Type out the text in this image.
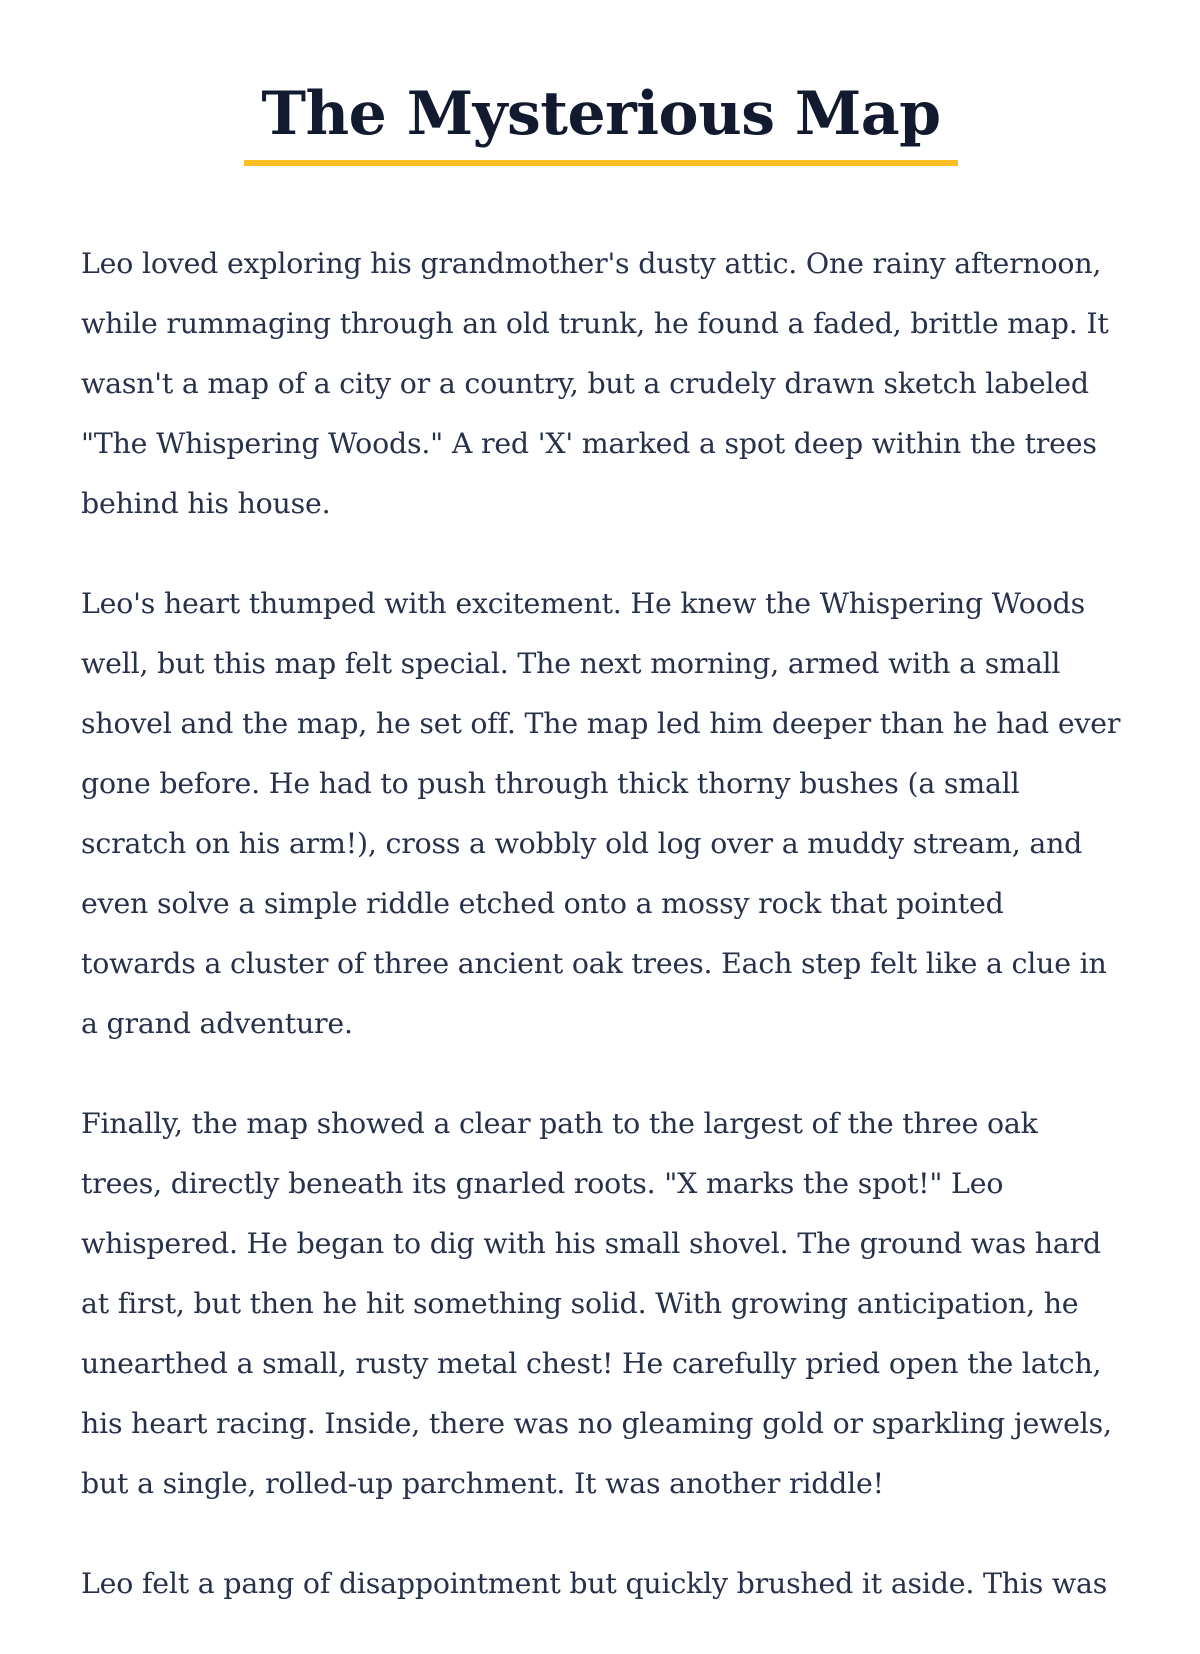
The Mysterious Map

Leo loved exploring his grandmother's dusty attic. One rainy afternoon, while rummaging through an old trunk, he found a faded, brittle map. It wasn't a map of a city or a country, but a crudely drawn sketch labeled "The Whispering Woods." A red 'X' marked a spot deep within the trees behind his house.

Leo's heart thumped with excitement. He knew the Whispering Woods well, but this map felt special. The next morning, armed with a small shovel and the map, he set off. The map led him deeper than he had ever gone before. He had to push through thick thorny bushes (a small scratch on his arm!), cross a wobbly old log over a muddy stream, and even solve a simple riddle etched onto a mossy rock that pointed towards a cluster of three ancient oak trees. Each step felt like a clue in a grand adventure.

Finally, the map showed a clear path to the largest of the three oak trees, directly beneath its gnarled roots. "X marks the spot!" Leo whispered. He began to dig with his small shovel. The ground was hard at first, but then he hit something solid. With growing anticipation, he unearthed a small, rusty metal chest! He carefully pried open the latch, his heart racing. Inside, there was no gleaming gold or sparkling jewels, but a single, rolled-up parchment. It was another riddle!

Leo felt a pang of disappointment but quickly brushed it aside. This was
